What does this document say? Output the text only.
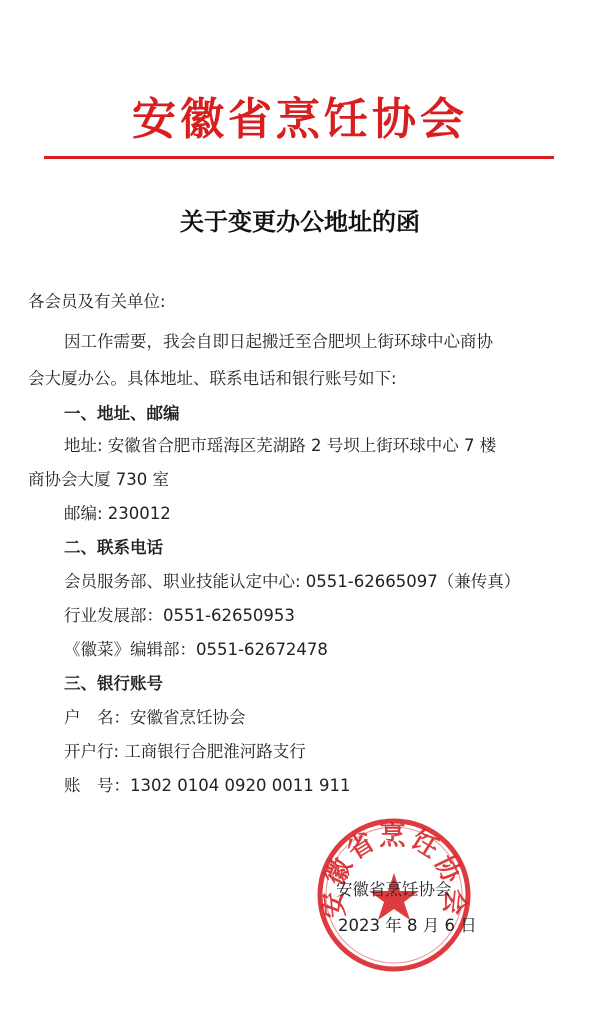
安徽省烹饪协会
关于变更办公地址的函
各会员及有关单位:
因工作需要，我会自即日起搬迁至合肥坝上街环球中心商协
会大厦办公。具体地址、联系电话和银行账号如下:
一、地址、邮编
地址: 安徽省合肥市瑶海区芜湖路 2 号坝上街环球中心 7 楼
商协会大厦 730 室
邮编: 230012
二、联系电话
会员服务部、职业技能认定中心: 0551-62665097（兼传真）
行业发展部：0551-62650953
《徽菜》编辑部：0551-62672478
三、银行账号
户　名：安徽省烹饪协会
开户行: 工商银行合肥淮河路支行
账　号：1302 0104 0920 0011 911
安徽省烹饪协会
安徽省烹饪协会
2023 年 8 月 6 日
